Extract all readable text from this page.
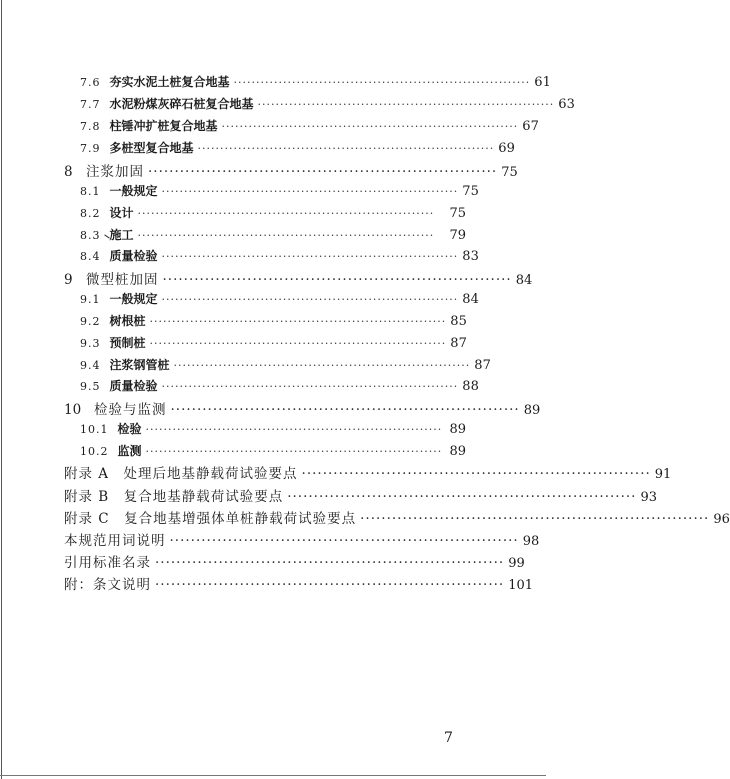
7.6 夯实水泥土桩复合地基 ·································································· 61
7.7 水泥粉煤灰碎石桩复合地基 ·································································· 63
7.8 柱锤冲扩桩复合地基 ·································································· 67
7.9 多桩型复合地基 ·································································· 69
8 注浆加固 ·································································· 75
8.1 一般规定 ·································································· 75
8.2 设计 ··································································	75
8.3 施工 ··································································	79
8.4 质量检验 ·································································· 83
9 微型桩加固 ·································································· 84
9.1 一般规定 ·································································· 84
9.2 树根桩 ·································································· 85
9.3 预制桩 ·································································· 87
9.4 注浆钢管桩 ·································································· 87
9.5 质量检验 ·································································· 88
10 检验与监测 ·································································· 89
10.1 检验 ·································································· 89
10.2 监测 ·································································· 89
附录 A　处理后地基静载荷试验要点 ·································································· 91
附录 B　复合地基静载荷试验要点 ·································································· 93
附录 C　复合地基增强体单桩静载荷试验要点 ·································································· 96
本规范用词说明 ·································································· 98
引用标准名录 ·································································· 99
附：条文说明 ·································································· 101
7
